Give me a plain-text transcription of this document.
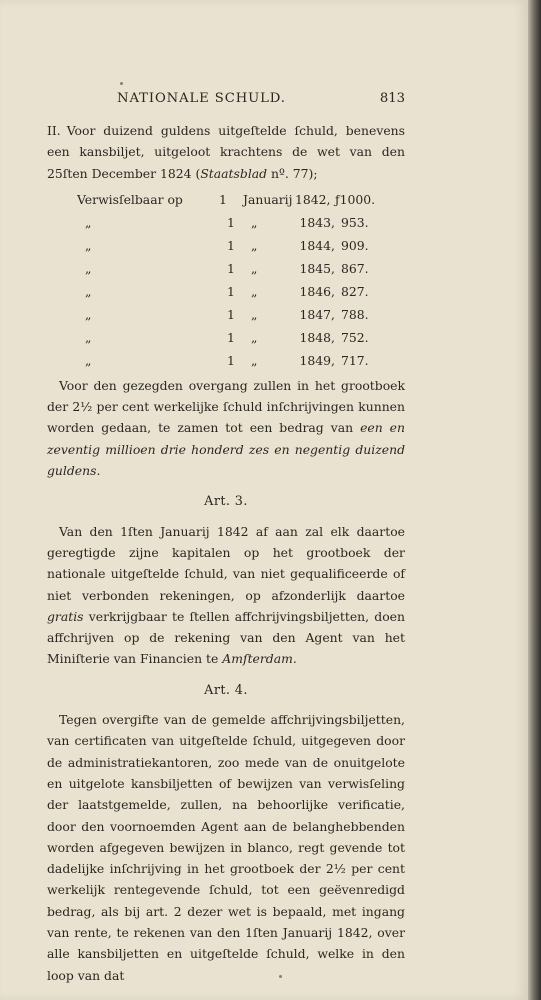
NATIONALE SCHULD.	813

II. Voor duizend guldens uitgeſtelde ſchuld, benevens een kansbiljet, uitgeloot krachtens de wet van den 25ſten December 1824 (Staatsblad nº. 77);

Verwisſelbaar op	1	Januarij 1842, ƒ1000.
„	1	„	1843, 953.
„	1	„	1844, 909.
„	1	„	1845, 867.
„	1	„	1846, 827.
„	1	„	1847, 788.
„	1	„	1848, 752.
„	1	„	1849, 717.

Voor den gezegden overgang zullen in het grootboek der 2½ per cent werkelijke ſchuld inſchrijvingen kunnen worden gedaan, te zamen tot een bedrag van een en zeventig millioen drie honderd zes en negentig duizend guldens.

Art. 3.

Van den 1ſten Januarij 1842 af aan zal elk daartoe geregtigde zijne kapitalen op het grootboek der nationale uitgeſtelde ſchuld, van niet gequalificeerde of niet verbonden rekeningen, op afzonderlijk daartoe gratis verkrijgbaar te ſtellen affchrijvingsbiljetten, doen affchrijven op de rekening van den Agent van het Miniſterie van Financien te Amſterdam.

Art. 4.

Tegen overgifte van de gemelde affchrijvingsbiljetten, van certificaten van uitgeſtelde ſchuld, uitgegeven door de administratiekantoren, zoo mede van de onuitgelote en uitgelote kansbiljetten of bewijzen van verwisſeling der laatstgemelde, zullen, na behoorlijke verificatie, door den voornoemden Agent aan de belanghebbenden worden afgegeven bewijzen in blanco, regt gevende tot dadelijke inſchrijving in het grootboek der 2½ per cent werkelijk rentegevende ſchuld, tot een geëvenredigd bedrag, als bij art. 2 dezer wet is bepaald, met ingang van rente, te rekenen van den 1ſten Januarij 1842, over alle kansbiljetten en uitgeſtelde ſchuld, welke in den loop van dat
